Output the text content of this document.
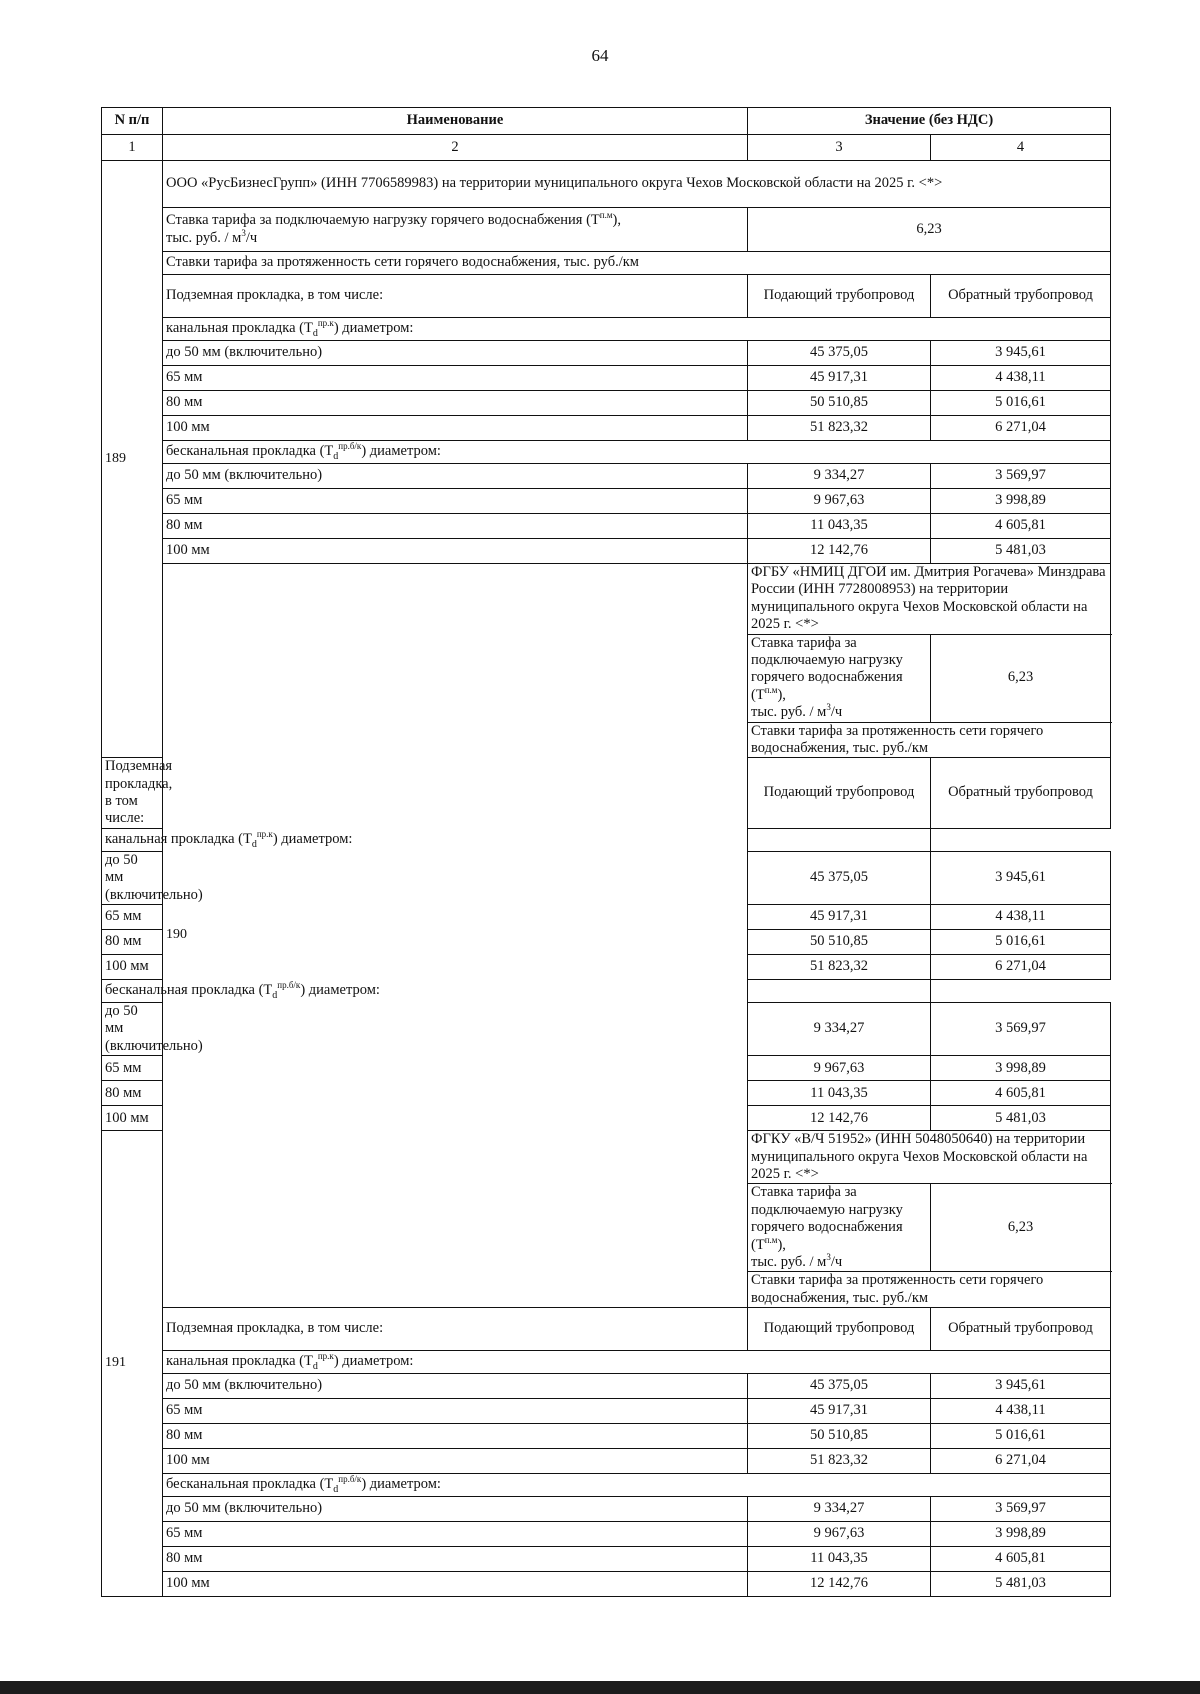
64
N п/п	Наименование	Значение (без НДС)	
1	2	3	4
189	ООО «РусБизнесГрупп» (ИНН 7706589983) на территории муниципального округа Чехов Московской области на 2025 г. <*>		
	Ставка тарифа за подключаемую нагрузку горячего водоснабжения $(Т^{п.м})$,
тыс. руб. / $м^3/ч$	6,23	
	Ставки тарифа за протяженность сети горячего водоснабжения, тыс. руб./км		
	Подземная прокладка, в том числе:	Подающий трубопровод	Обратный трубопровод
	канальная прокладка $(Т_d^{пр.к})$ диаметром:		
	до 50 мм (включительно)	45 375,05	3 945,61
	65 мм	45 917,31	4 438,11
	80 мм	50 510,85	5 016,61
	100 мм	51 823,32	6 271,04
	бесканальная прокладка $(Т_d^{пр.б/к})$ диаметром:		
	до 50 мм (включительно)	9 334,27	3 569,97
	65 мм	9 967,63	3 998,89
	80 мм	11 043,35	4 605,81
	100 мм	12 142,76	5 481,03
	190	ФГБУ «НМИЦ ДГОИ им. Дмитрия Рогачева» Минздрава России (ИНН 7728008953) на территории муниципального округа Чехов Московской области на 2025 г. <*>	
		Ставка тарифа за подключаемую нагрузку горячего водоснабжения $(Т^{п.м})$,
тыс. руб. / $м^3/ч$	6,23
		Ставки тарифа за протяженность сети горячего водоснабжения, тыс. руб./км	
Подземная прокладка, в том числе:		Подающий трубопровод	Обратный трубопровод
канальная прокладка $(Т_d^{пр.к})$ диаметром:			
до 50 мм (включительно)		45 375,05	3 945,61
65 мм		45 917,31	4 438,11
80 мм		50 510,85	5 016,61
100 мм		51 823,32	6 271,04
бесканальная прокладка $(Т_d^{пр.б/к})$ диаметром:			
до 50 мм (включительно)		9 334,27	3 569,97
65 мм		9 967,63	3 998,89
80 мм		11 043,35	4 605,81
100 мм		12 142,76	5 481,03
191		ФГКУ «В/Ч 51952» (ИНН 5048050640) на территории муниципального округа Чехов Московской области на 2025 г. <*>	
		Ставка тарифа за подключаемую нагрузку горячего водоснабжения $(Т^{п.м})$,
тыс. руб. / $м^3/ч$	6,23
		Ставки тарифа за протяженность сети горячего водоснабжения, тыс. руб./км	
	Подземная прокладка, в том числе:	Подающий трубопровод	Обратный трубопровод
	канальная прокладка $(Т_d^{пр.к})$ диаметром:		
	до 50 мм (включительно)	45 375,05	3 945,61
	65 мм	45 917,31	4 438,11
	80 мм	50 510,85	5 016,61
	100 мм	51 823,32	6 271,04
	бесканальная прокладка $(Т_d^{пр.б/к})$ диаметром:		
	до 50 мм (включительно)	9 334,27	3 569,97
	65 мм	9 967,63	3 998,89
	80 мм	11 043,35	4 605,81
	100 мм	12 142,76	5 481,03
